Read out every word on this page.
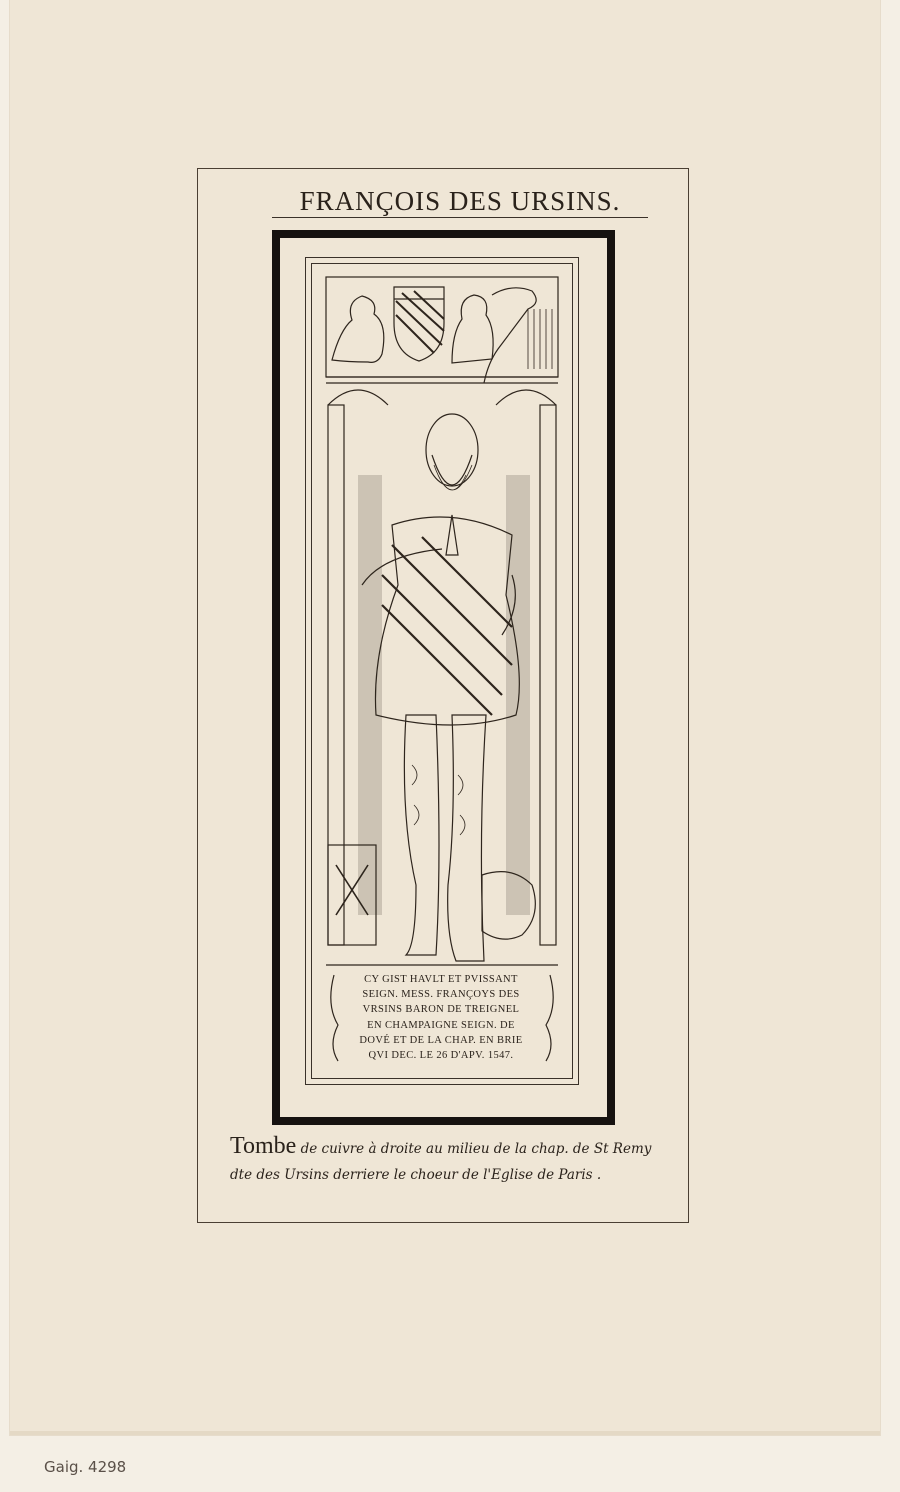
FRANÇOIS DES URSINS.
CY GIST HAVLT ET PVISSANT
SEIGN. MESS. FRANÇOYS DES
VRSINS BARON DE TREIGNEL
EN CHAMPAIGNE SEIGN. DE
DOVÉ ET DE LA CHAP. EN BRIE
QVI DEC. LE 26 D'APV. 1547.
Tombe de cuivre à droite au milieu de la chap. de St Remy
dte des Ursins derriere le choeur de l'Eglise de Paris .
Gaig. 4298
